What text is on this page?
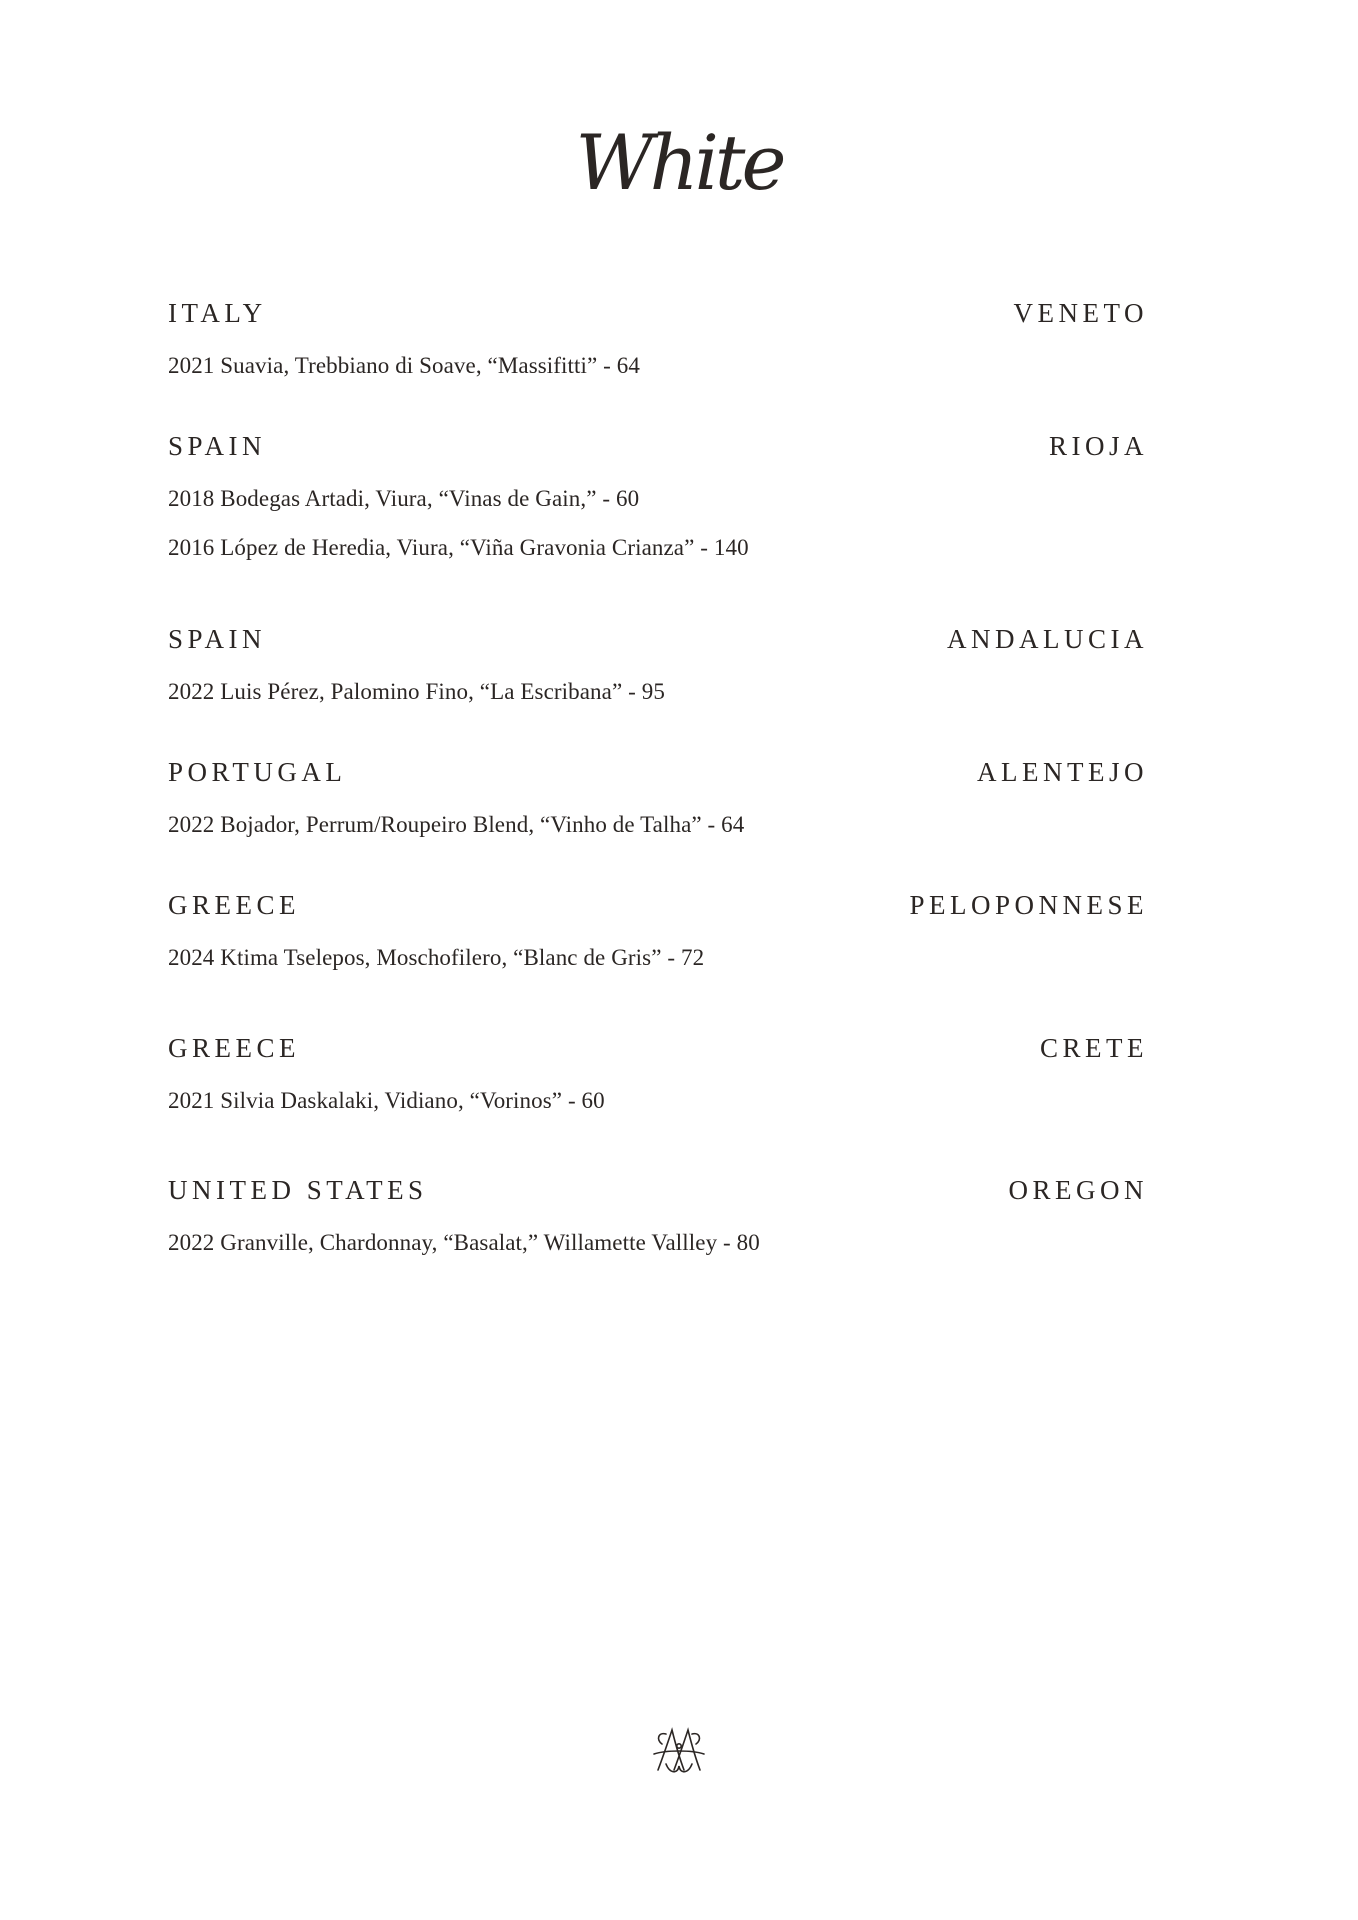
White
ITALY	VENETO
2021 Suavia, Trebbiano di Soave, “Massifitti” - 64
SPAIN	RIOJA
2018 Bodegas Artadi, Viura, “Vinas de Gain,” - 60
2016 López de Heredia, Viura, “Viña Gravonia Crianza” - 140
SPAIN	ANDALUCIA
2022 Luis Pérez, Palomino Fino, “La Escribana” - 95
PORTUGAL	ALENTEJO
2022 Bojador, Perrum/Roupeiro Blend, “Vinho de Talha” - 64
GREECE	PELOPONNESE
2024 Ktima Tselepos, Moschofilero, “Blanc de Gris” - 72
GREECE	CRETE
2021 Silvia Daskalaki, Vidiano, “Vorinos” - 60
UNITED STATES	OREGON
2022 Granville, Chardonnay, “Basalat,” Willamette Vallley - 80
